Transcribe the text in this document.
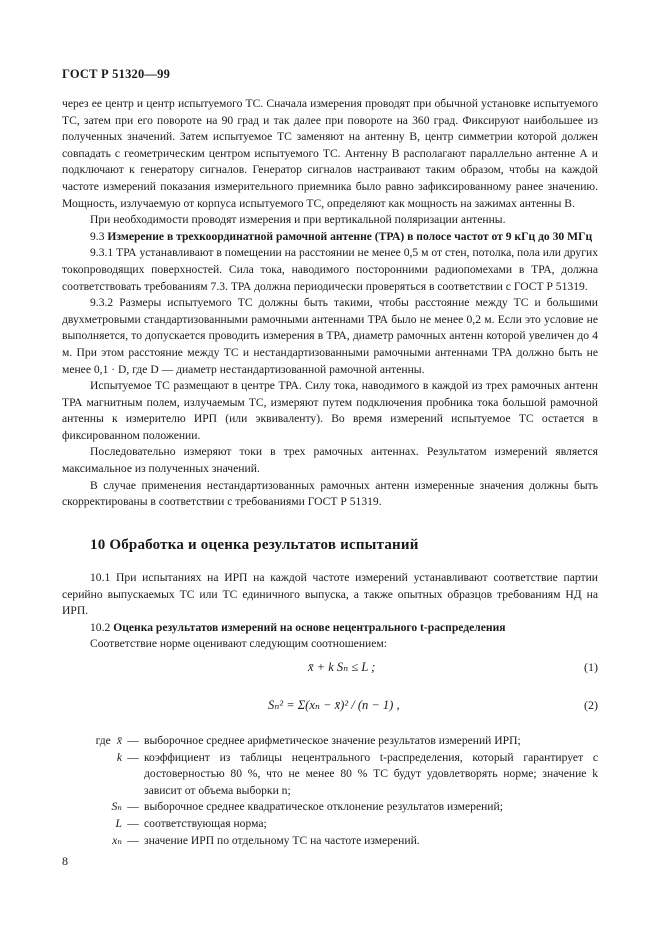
ГОСТ Р 51320—99

через ее центр и центр испытуемого ТС. Сначала измерения проводят при обычной установке испытуемого ТС, затем при его повороте на 90 град и так далее при повороте на 360 град. Фиксируют наибольшее из полученных значений. Затем испытуемое ТС заменяют на антенну В, центр симметрии которой должен совпадать с геометрическим центром испытуемого ТС. Антенну В располагают параллельно антенне А и подключают к генератору сигналов. Генератор сигналов настраивают таким образом, чтобы на каждой частоте измерений показания измерительного приемника было равно зафиксированному ранее значению. Мощность, излучаемую от корпуса испытуемого ТС, определяют как мощность на зажимах антенны В.

При необходимости проводят измерения и при вертикальной поляризации антенны.

9.3 Измерение в трехкоординатной рамочной антенне (ТРА) в полосе частот от 9 кГц до 30 МГц

9.3.1 ТРА устанавливают в помещении на расстоянии не менее 0,5 м от стен, потолка, пола или других токопроводящих поверхностей. Сила тока, наводимого посторонними радиопомехами в ТРА, должна соответствовать требованиям 7.3. ТРА должна периодически проверяться в соответствии с ГОСТ Р 51319.

9.3.2 Размеры испытуемого ТС должны быть такими, чтобы расстояние между ТС и большими двухметровыми стандартизованными рамочными антеннами ТРА было не менее 0,2 м. Если это условие не выполняется, то допускается проводить измерения в ТРА, диаметр рамочных антенн которой увеличен до 4 м. При этом расстояние между ТС и нестандартизованными рамочными антеннами ТРА должно быть не менее 0,1 · D, где D — диаметр нестандартизованной рамочной антенны.

Испытуемое ТС размещают в центре ТРА. Силу тока, наводимого в каждой из трех рамочных антенн ТРА магнитным полем, излучаемым ТС, измеряют путем подключения пробника тока большой рамочной антенны к измерителю ИРП (или эквиваленту). Во время измерений испытуемое ТС остается в фиксированном положении.

Последовательно измеряют токи в трех рамочных антеннах. Результатом измерений является максимальное из полученных значений.

В случае применения нестандартизованных рамочных антенн измеренные значения должны быть скорректированы в соответствии с требованиями ГОСТ Р 51319.

10 Обработка и оценка результатов испытаний

10.1 При испытаниях на ИРП на каждой частоте измерений устанавливают соответствие партии серийно выпускаемых ТС или ТС единичного выпуска, а также опытных образцов требованиям НД на ИРП.

10.2 Оценка результатов измерений на основе нецентрального t-распределения

Соответствие норме оценивают следующим соотношением:

x̄ + k Sₙ ≤ L ;	(1)
Sₙ² = Σ(xₙ − x̄)² / (n − 1) ,	(2)
где x̄ — выборочное среднее арифметическое значение результатов измерений ИРП;
k — коэффициент из таблицы нецентрального t-распределения, который гарантирует с достоверностью 80 %, что не менее 80 % ТС будут удовлетворять норме; значение k зависит от объема выборки n;
Sₙ — выборочное среднее квадратическое отклонение результатов измерений;
L — соответствующая норма;
xₙ — значение ИРП по отдельному ТС на частоте измерений.
8
